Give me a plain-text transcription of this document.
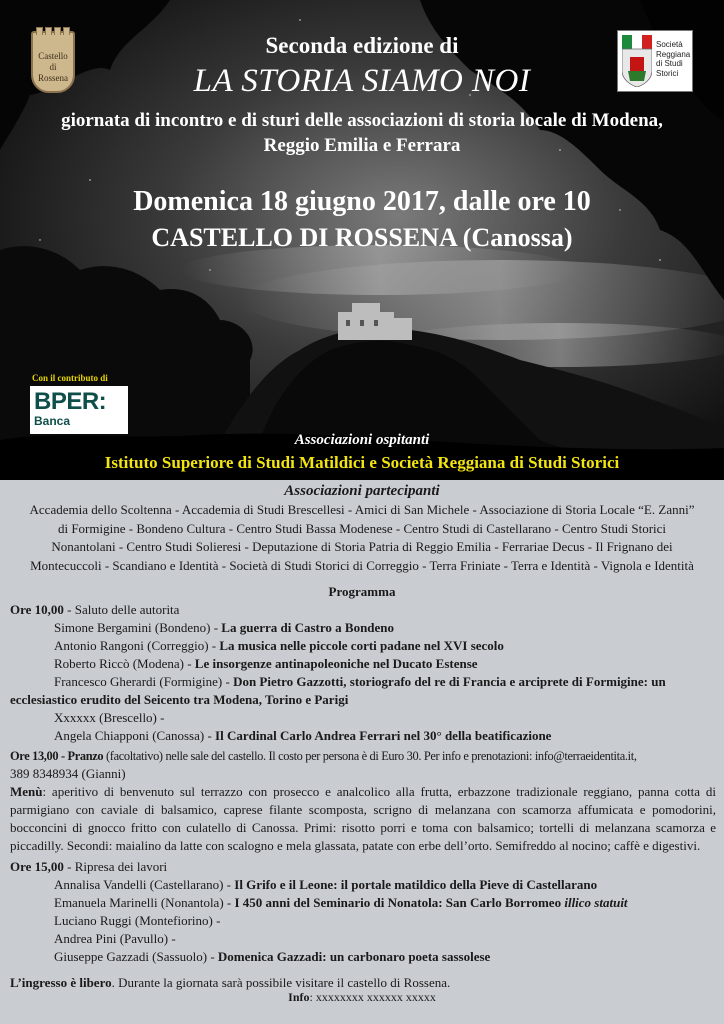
Castello
di
Rossena
Società
Reggiana
di Studi
Storici
Seconda edizione di
LA STORIA SIAMO NOI
giornata di incontro e di sturi delle associazioni di storia locale di Modena,
Reggio Emilia e Ferrara
Domenica 18 giugno 2017, dalle ore 10
CASTELLO DI ROSSENA (Canossa)
Con il contributo di
BPER:
Banca
Associazioni ospitanti
Istituto Superiore di Studi Matildici e Società Reggiana di Studi Storici
Associazioni partecipanti
Accademia dello Scoltenna - Accademia di Studi Brescellesi - Amici di San Michele - Associazione di Storia Locale “E. Zanni”
di Formigine - Bondeno Cultura - Centro Studi Bassa Modenese - Centro Studi di Castellarano - Centro Studi Storici
Nonantolani - Centro Studi Solieresi - Deputazione di Storia Patria di Reggio Emilia - Ferrariae Decus - Il Frignano dei
Montecuccoli - Scandiano e Identità - Società di Studi Storici di Correggio - Terra Friniate - Terra e Identità - Vignola e Identità
Programma
Ore 10,00 - Saluto delle autorita
Simone Bergamini (Bondeno) - La guerra di Castro a Bondeno
Antonio Rangoni (Correggio) - La musica nelle piccole corti padane nel XVI secolo
Roberto Riccò (Modena) - Le insorgenze antinapoleoniche nel Ducato Estense
Francesco Gherardi (Formigine) - Don Pietro Gazzotti, storiografo del re di Francia e arciprete di Formigine: un
ecclesiastico erudito del Seicento tra Modena, Torino e Parigi
Xxxxxx (Brescello) -
Angela Chiapponi (Canossa) - Il Cardinal Carlo Andrea Ferrari nel 30° della beatificazione
Ore 13,00 - Pranzo (facoltativo) nelle sale del castello. Il costo per persona è di Euro 30. Per info e prenotazioni: info@terraeidentita.it,
389 8348934 (Gianni)
Menù: aperitivo di benvenuto sul terrazzo con prosecco e analcolico alla frutta, erbazzone tradizionale reggiano, panna cotta di parmigiano con caviale di balsamico, caprese filante scomposta, scrigno di melanzana con scamorza affumicata e pomodorini, bocconcini di gnocco fritto con culatello di Canossa. Primi: risotto porri e toma con balsamico; tortelli di melanzana scamorza e piccadilly. Secondi: maialino da latte con scalogno e mela glassata, patate con erbe dell’orto. Semifreddo al nocino; caffè e digestivi.
Ore 15,00 - Ripresa dei lavori
Annalisa Vandelli (Castellarano) - Il Grifo e il Leone: il portale matildico della Pieve di Castellarano
Emanuela Marinelli (Nonantola) - I 450 anni del Seminario di Nonatola: San Carlo Borromeo illico statuit
Luciano Ruggi (Montefiorino) -
Andrea Pini (Pavullo) -
Giuseppe Gazzadi (Sassuolo) - Domenica Gazzadi: un carbonaro poeta sassolese
L’ingresso è libero. Durante la giornata sarà possibile visitare il castello di Rossena.
Info: xxxxxxxx xxxxxx xxxxx
